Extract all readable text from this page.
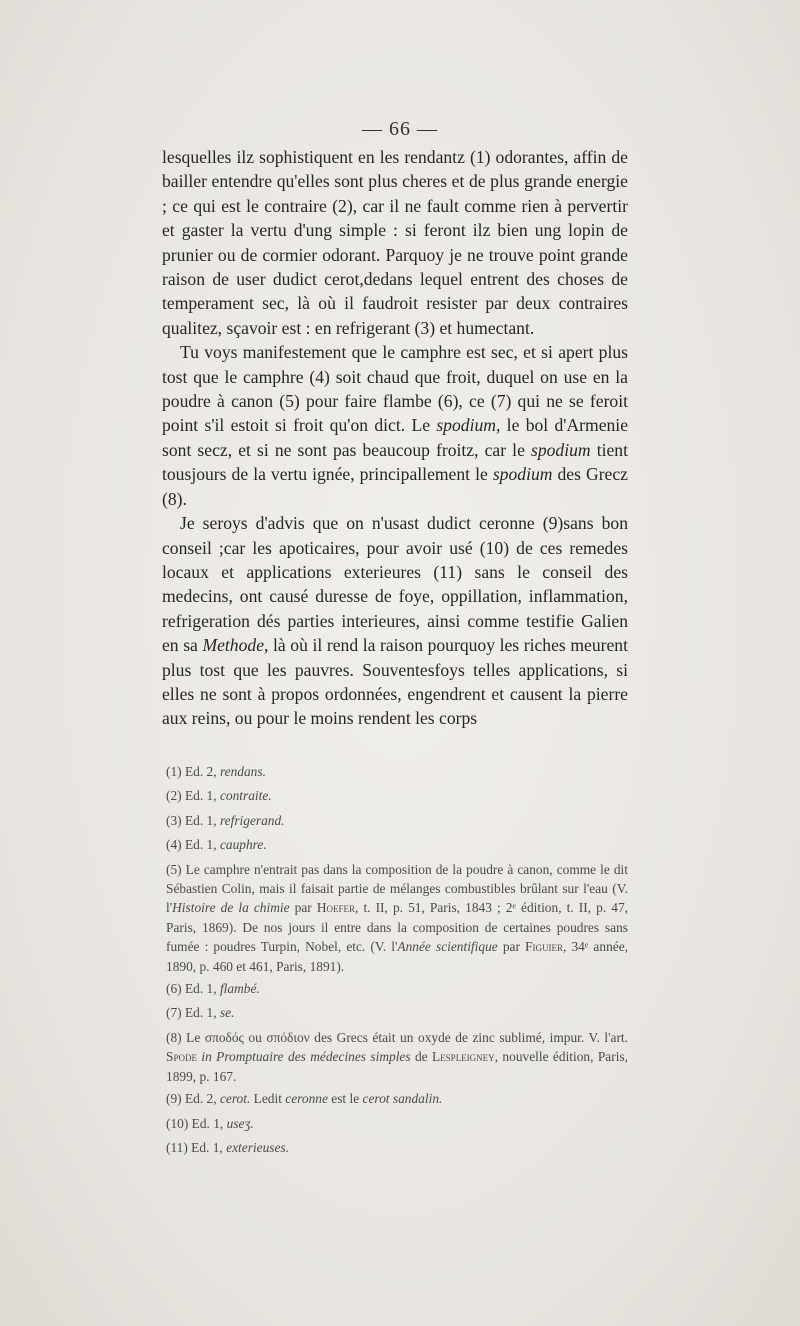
— 66 —

lesquelles ilz sophistiquent en les rendantz (1) odorantes, affin de bailler entendre qu'elles sont plus cheres et de plus grande energie ; ce qui est le contraire (2), car il ne fault comme rien à pervertir et gaster la vertu d'ung simple : si feront ilz bien ung lopin de prunier ou de cormier odorant. Parquoy je ne trouve point grande raison de user dudict cerot,dedans lequel entrent des choses de temperament sec, là où il faudroit resister par deux contraires qualitez, sçavoir est : en refrigerant (3) et humectant.

Tu voys manifestement que le camphre est sec, et si apert plus tost que le camphre (4) soit chaud que froit, duquel on use en la poudre à canon (5) pour faire flambe (6), ce (7) qui ne se feroit point s'il estoit si froit qu'on dict. Le spodium, le bol d'Armenie sont secz, et si ne sont pas beaucoup froitz, car le spodium tient tousjours de la vertu ignée, principallement le spodium des Grecz (8).

Je seroys d'advis que on n'usast dudict ceronne (9)sans bon conseil ;car les apoticaires, pour avoir usé (10) de ces remedes locaux et applications exterieures (11) sans le conseil des medecins, ont causé duresse de foye, oppillation, inflammation, refrigeration dés parties interieures, ainsi comme testifie Galien en sa Methode, là où il rend la raison pourquoy les riches meurent plus tost que les pauvres. Souventesfoys telles applications, si elles ne sont à propos ordonnées, engendrent et causent la pierre aux reins, ou pour le moins rendent les corps

(1) Ed. 2, rendans.

(2) Ed. 1, contraite.

(3) Ed. 1, refrigerand.

(4) Ed. 1, cauphre.

(5) Le camphre n'entrait pas dans la composition de la poudre à canon, comme le dit Sébastien Colin, mais il faisait partie de mélanges combustibles brûlant sur l'eau (V. l'Histoire de la chimie par Hoefer, t. II, p. 51, Paris, 1843 ; 2ᵉ édition, t. II, p. 47, Paris, 1869). De nos jours il entre dans la composition de certaines poudres sans fumée : poudres Turpin, Nobel, etc. (V. l'Année scientifique par Figuier, 34ᵉ année, 1890, p. 460 et 461, Paris, 1891).

(6) Ed. 1, flambé.

(7) Ed. 1, se.

(8) Le σποδός ou σπόδιον des Grecs était un oxyde de zinc sublimé, impur. V. l'art. Spode in Promptuaire des médecines simples de Lespleigney, nouvelle édition, Paris, 1899, p. 167.

(9) Ed. 2, cerot. Ledit ceronne est le cerot sandalin.

(10) Ed. 1, useʒ.

(11) Ed. 1, exterieuses.
